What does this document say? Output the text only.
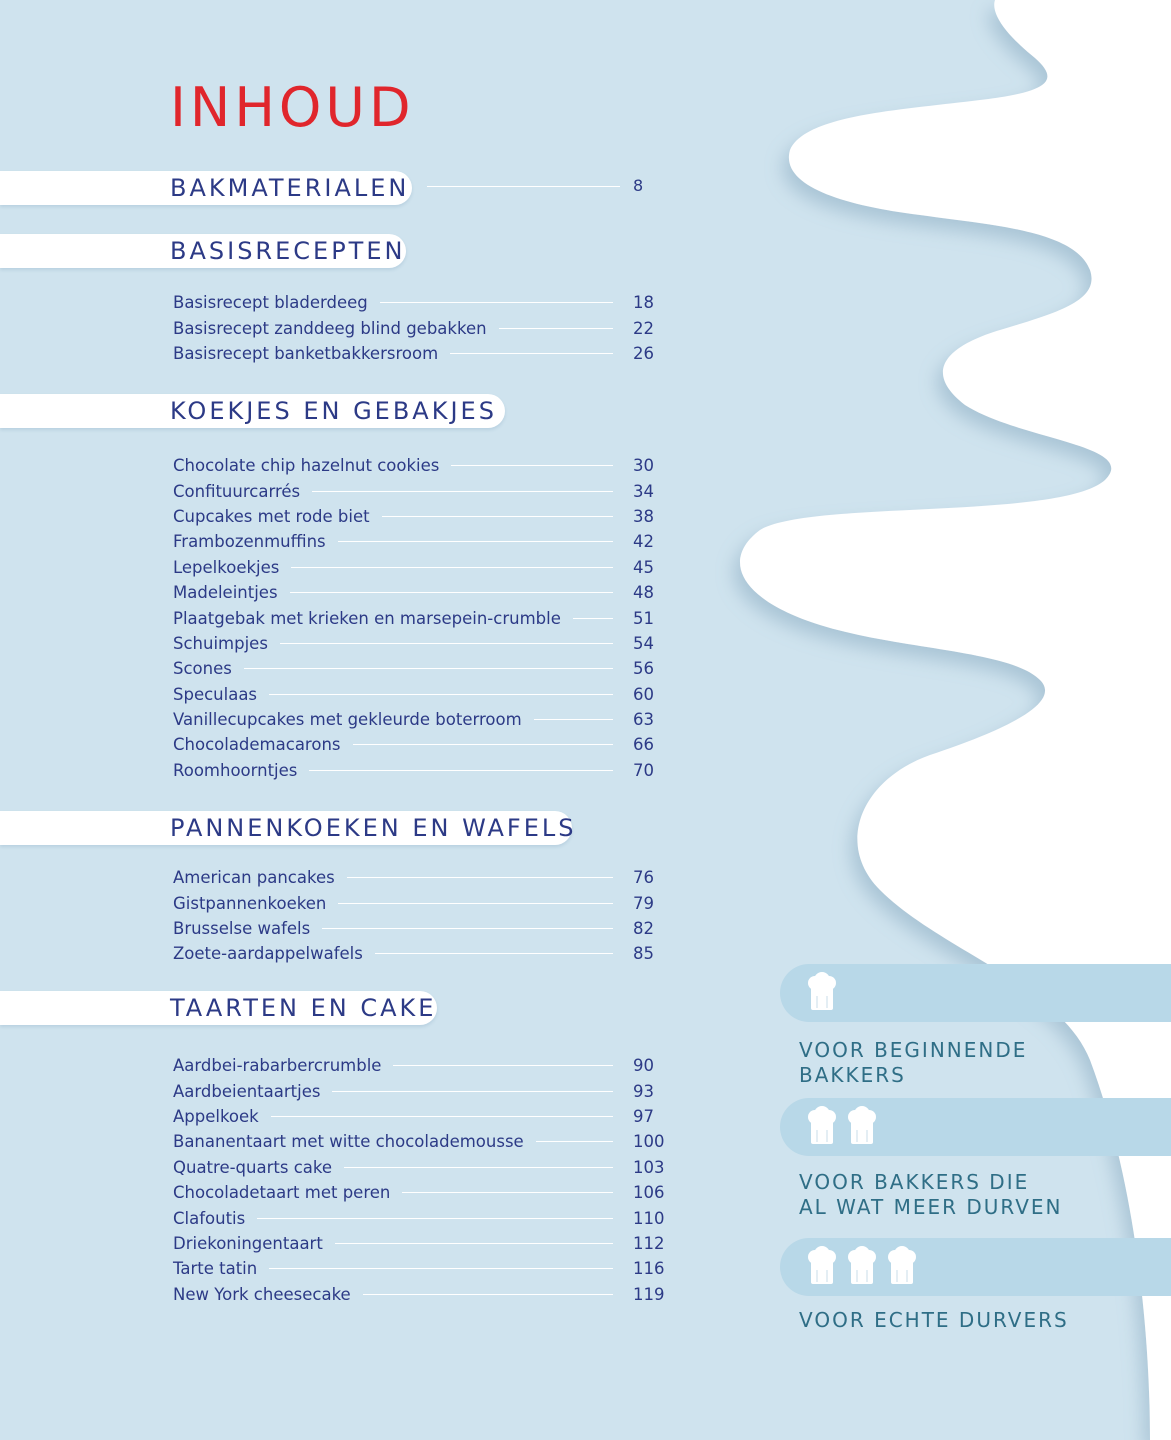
INHOUD
BAKMATERIALEN	8
BASISRECEPTEN
Basisrecept bladerdeeg	18
Basisrecept zanddeeg blind gebakken	22
Basisrecept banketbakkersroom	26
KOEKJES EN GEBAKJES
Chocolate chip hazelnut cookies	30
Confituurcarrés	34
Cupcakes met rode biet	38
Frambozenmuffins	42
Lepelkoekjes	45
Madeleintjes	48
Plaatgebak met krieken en marsepein-crumble	51
Schuimpjes	54
Scones	56
Speculaas	60
Vanillecupcakes met gekleurde boterroom	63
Chocolademacarons	66
Roomhoorntjes	70
PANNENKOEKEN EN WAFELS
American pancakes	76
Gistpannenkoeken	79
Brusselse wafels	82
Zoete-aardappelwafels	85
TAARTEN EN CAKE
Aardbei-rabarbercrumble	90
Aardbeientaartjes	93
Appelkoek	97
Bananentaart met witte chocolademousse	100
Quatre-quarts cake	103
Chocoladetaart met peren	106
Clafoutis	110
Driekoningentaart	112
Tarte tatin	116
New York cheesecake	119
VOOR BEGINNENDE
BAKKERS
VOOR BAKKERS DIE
AL WAT MEER DURVEN
VOOR ECHTE DURVERS
